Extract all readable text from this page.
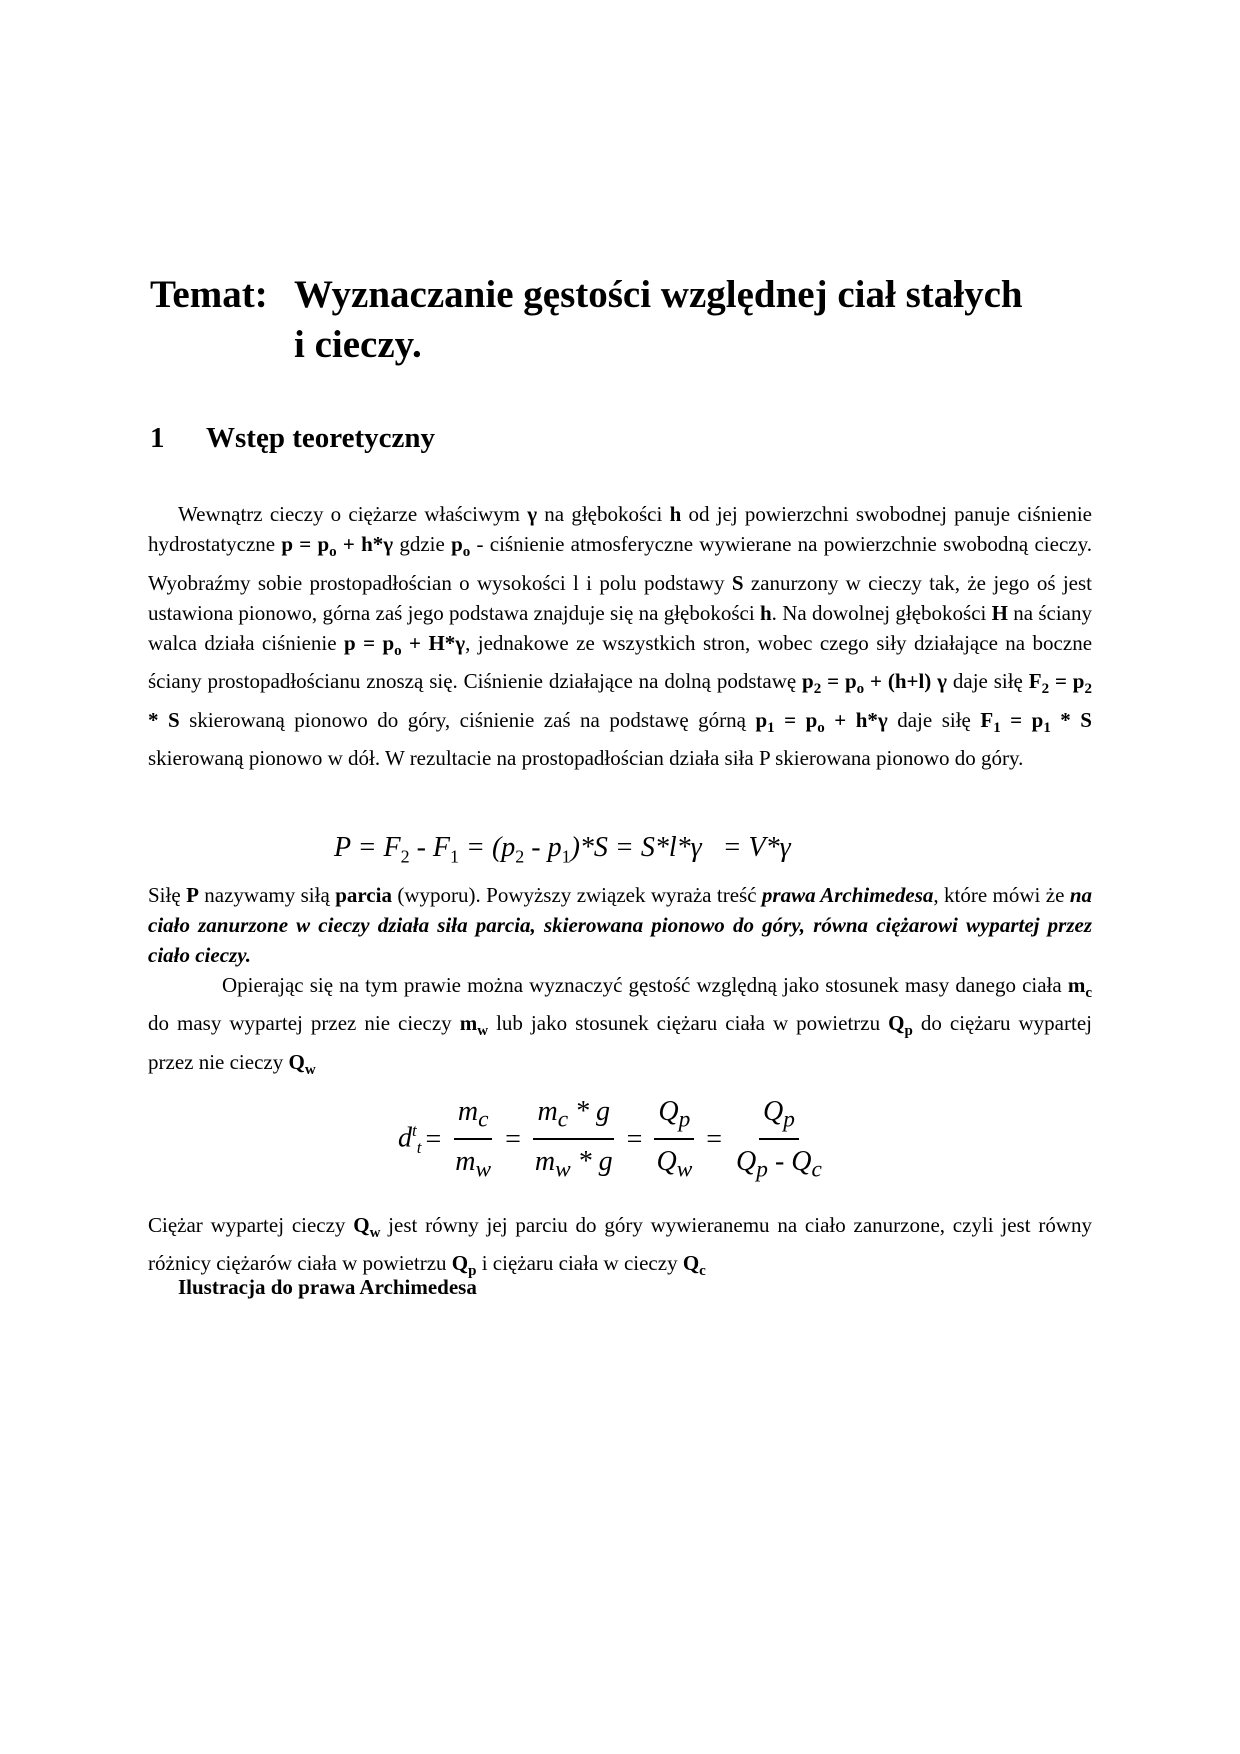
Temat: Wyznaczanie gęstości względnej ciał stałych
i cieczy.
1 Wstęp teoretyczny
Wewnątrz cieczy o ciężarze właściwym γ na głębokości h od jej powierzchni swobodnej panuje ciśnienie hydrostatyczne $p = p_o + h*\gamma$ gdzie $p_o$ - ciśnienie atmosferyczne wywierane na powierzchnie swobodną cieczy. Wyobraźmy sobie prostopadłościan o wysokości l i polu podstawy S zanurzony w cieczy tak, że jego oś jest ustawiona pionowo, górna zaś jego podstawa znajduje się na głębokości h. Na dowolnej głębokości H na ściany walca działa ciśnienie $p = p_o + H*\gamma$, jednakowe ze wszystkich stron, wobec czego siły działające na boczne ściany prostopadłościanu znoszą się. Ciśnienie działające na dolną podstawę $p_2 = p_o + (h+l)$ γ daje siłę $F_2 = p_2 * S$ skierowaną pionowo do góry, ciśnienie zaś na podstawę górną $p_1 = p_o + h*\gamma$ daje siłę $F_1 = p_1 * S$ skierowaną pionowo w dół. W rezultacie na prostopadłościan działa siła P skierowana pionowo do góry.
$P = F_2 - F_1 = (p_2 - p_1)*S = S*l*\gamma = V*\gamma$
Siłę P nazywamy siłą parcia (wyporu). Powyższy związek wyraża treść prawa Archimedesa, które mówi że na ciało zanurzone w cieczy działa siła parcia, skierowana pionowo do góry, równa ciężarowi wypartej przez ciało cieczy.
Opierając się na tym prawie można wyznaczyć gęstość względną jako stosunek masy danego ciała $m_c$ do masy wypartej przez nie cieczy $m_w$ lub jako stosunek ciężaru ciała w powietrzu $Q_p$ do ciężaru wypartej przez nie cieczy $Q_w$
$d^t_t = \frac{m_c}{m_w} = \frac{m_c * g}{m_w * g} = \frac{Q_p}{Q_w} = \frac{Q_p}{Q_p - Q_c}$
Ciężar wypartej cieczy $Q_w$ jest równy jej parciu do góry wywieranemu na ciało zanurzone, czyli jest równy różnicy ciężarów ciała w powietrzu $Q_p$ i ciężaru ciała w cieczy $Q_c$
Ilustracja do prawa Archimedesa
